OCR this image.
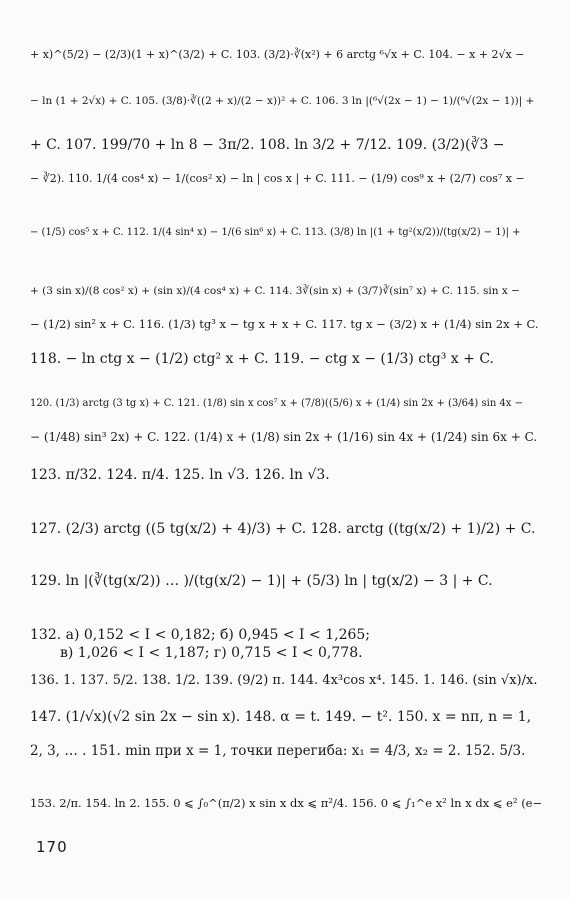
+ x)^(5/2) − (2/3)(1 + x)^(3/2) + C. 103. (3/2)·∛(x²) + 6 arctg ⁶√x + C. 104. − x + 2√x −
− ln (1 + 2√x) + C. 105. (3/8)·∛((2 + x)/(2 − x))² + C. 106. 3 ln |(⁶√(2x − 1) − 1)/(⁶√(2x − 1))| +
+ C. 107. 199/70 + ln 8 − 3π/2. 108. ln 3/2 + 7/12. 109. (3/2)(∛3 −
− ∛2). 110. 1/(4 cos⁴ x) − 1/(cos² x) − ln | cos x | + C. 111. − (1/9) cos⁹ x + (2/7) cos⁷ x −
− (1/5) cos⁵ x + C. 112. 1/(4 sin⁴ x) − 1/(6 sin⁶ x) + C. 113. (3/8) ln |(1 + tg²(x/2))/(tg(x/2) − 1)| +
+ (3 sin x)/(8 cos² x) + (sin x)/(4 cos⁴ x) + C. 114. 3∛(sin x) + (3/7)∛(sin⁷ x) + C. 115. sin x −
− (1/2) sin² x + C. 116. (1/3) tg³ x − tg x + x + C. 117. tg x − (3/2) x + (1/4) sin 2x + C.
118. − ln ctg x − (1/2) ctg² x + C. 119. − ctg x − (1/3) ctg³ x + C.
120. (1/3) arctg (3 tg x) + C. 121. (1/8) sin x cos⁷ x + (7/8)((5/6) x + (1/4) sin 2x + (3/64) sin 4x −
− (1/48) sin³ 2x) + C. 122. (1/4) x + (1/8) sin 2x + (1/16) sin 4x + (1/24) sin 6x + C.
123. π/32. 124. π/4. 125. ln √3. 126. ln √3.
127. (2/3) arctg ((5 tg(x/2) + 4)/3) + C. 128. arctg ((tg(x/2) + 1)/2) + C.
129. ln |(∛(tg(x/2)) … )/(tg(x/2) − 1)| + (5/3) ln | tg(x/2) − 3 | + C.
132. а) 0,152 < I < 0,182; б) 0,945 < I < 1,265;
в) 1,026 < I < 1,187; г) 0,715 < I < 0,778.
136. 1. 137. 5/2. 138. 1/2. 139. (9/2) π. 144. 4x³cos x⁴. 145. 1. 146. (sin √x)/x.
147. (1/√x)(√2 sin 2x − sin x). 148. α = t. 149. − t². 150. x = nπ, n = 1,
2, 3, … . 151. min при x = 1, точки перегиба: x₁ = 4/3, x₂ = 2. 152. 5/3.
153. 2/π. 154. ln 2. 155. 0 ⩽ ∫₀^(π/2) x sin x dx ⩽ π²/4. 156. 0 ⩽ ∫₁^e x² ln x dx ⩽ e² (e−
170
